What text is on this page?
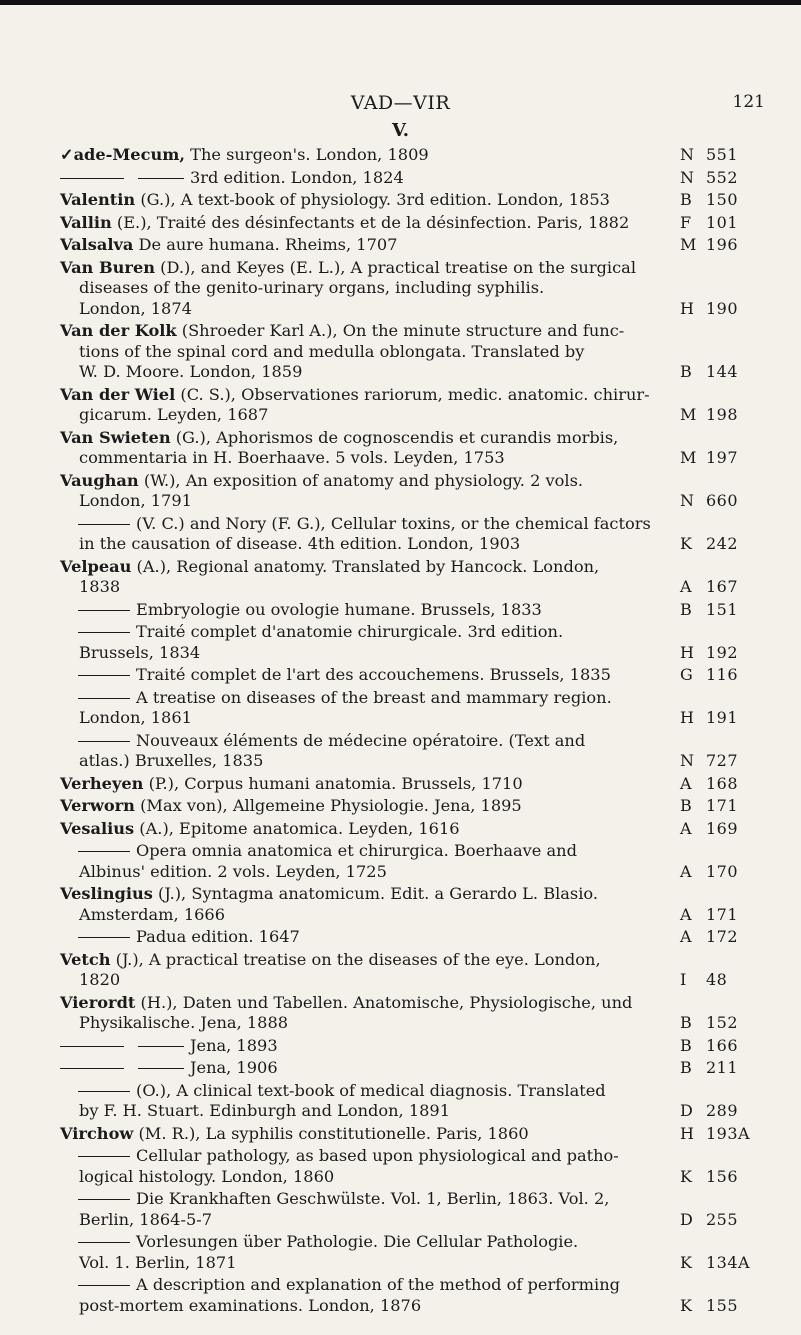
VAD—VIR	121
V.
✓ade-Mecum, The surgeon's. London, 1809	N 551
3rd edition. London, 1824	N 552
Valentin (G.), A text-book of physiology. 3rd edition. London, 1853	B 150
Vallin (E.), Traité des désinfectants et de la désinfection. Paris, 1882	F 101
Valsalva De aure humana. Rheims, 1707	M 196
Van Buren (D.), and Keyes (E. L.), A practical treatise on the surgical
diseases of the genito-urinary organs, including syphilis.
London, 1874	H 190
Van der Kolk (Shroeder Karl A.), On the minute structure and func-
tions of the spinal cord and medulla oblongata. Translated by
W. D. Moore. London, 1859	B 144
Van der Wiel (C. S.), Observationes rariorum, medic. anatomic. chirur-
gicarum. Leyden, 1687	M 198
Van Swieten (G.), Aphorismos de cognoscendis et curandis morbis,
commentaria in H. Boerhaave. 5 vols. Leyden, 1753	M 197
Vaughan (W.), An exposition of anatomy and physiology. 2 vols.
London, 1791	N 660
(V. C.) and Nory (F. G.), Cellular toxins, or the chemical factors
in the causation of disease. 4th edition. London, 1903	K 242
Velpeau (A.), Regional anatomy. Translated by Hancock. London,
1838	A 167
Embryologie ou ovologie humane. Brussels, 1833	B 151
Traité complet d'anatomie chirurgicale. 3rd edition.
Brussels, 1834	H 192
Traité complet de l'art des accouchemens. Brussels, 1835	G 116
A treatise on diseases of the breast and mammary region.
London, 1861	H 191
Nouveaux éléments de médecine opératoire. (Text and
atlas.) Bruxelles, 1835	N 727
Verheyen (P.), Corpus humani anatomia. Brussels, 1710	A 168
Verworn (Max von), Allgemeine Physiologie. Jena, 1895	B 171
Vesalius (A.), Epitome anatomica. Leyden, 1616	A 169
Opera omnia anatomica et chirurgica. Boerhaave and
Albinus' edition. 2 vols. Leyden, 1725	A 170
Veslingius (J.), Syntagma anatomicum. Edit. a Gerardo L. Blasio.
Amsterdam, 1666	A 171
Padua edition. 1647	A 172
Vetch (J.), A practical treatise on the diseases of the eye. London,
1820	I 48
Vierordt (H.), Daten und Tabellen. Anatomische, Physiologische, und
Physikalische. Jena, 1888	B 152
Jena, 1893	B 166
Jena, 1906	B 211
(O.), A clinical text-book of medical diagnosis. Translated
by F. H. Stuart. Edinburgh and London, 1891	D 289
Virchow (M. R.), La syphilis constitutionelle. Paris, 1860	H 193A
Cellular pathology, as based upon physiological and patho-
logical histology. London, 1860	K 156
Die Krankhaften Geschwülste. Vol. 1, Berlin, 1863. Vol. 2,
Berlin, 1864-5-7	D 255
Vorlesungen über Pathologie. Die Cellular Pathologie.
Vol. 1. Berlin, 1871	K 134A
A description and explanation of the method of performing
post-mortem examinations. London, 1876	K 155
